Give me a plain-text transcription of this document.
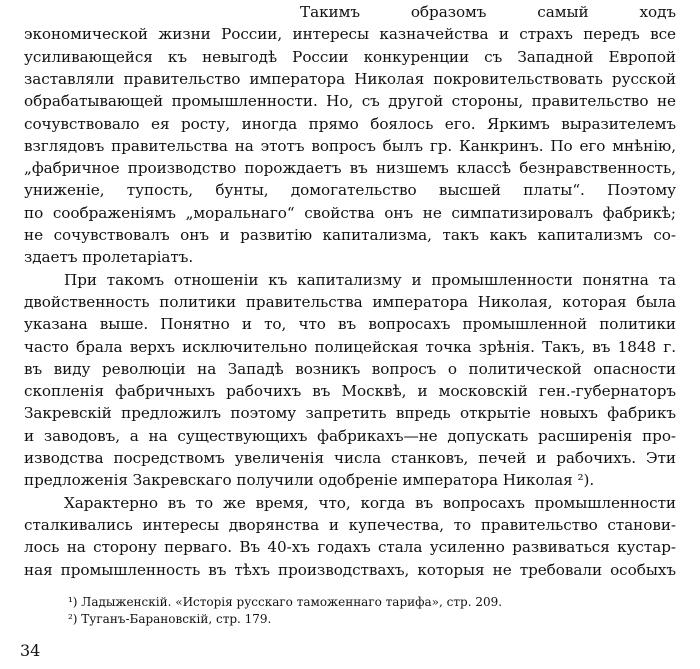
Такимъ образомъ самый ходъ
экономической жизни России, интересы казначейства и страхъ передъ все
усиливающейся къ невыгодѣ России конкуренции съ Западной Европой
заставляли правительство императора Николая покровительствовать русской
обрабатывающей промышленности. Но, съ другой стороны, правительство не
сочувствовало ея росту, иногда прямо боялось его. Яркимъ выразителемъ
взглядовъ правительства на этотъ вопросъ былъ гр. Канкринъ. По его мнѣнію,
„фабричное производство порождаетъ въ низшемъ классѣ безнравственность,
униженіе, тупость, бунты, домогательство высшей платы“. Поэтому
по соображеніямъ „моральнаго“ свойства онъ не симпатизировалъ фабрикѣ;
не сочувствовалъ онъ и развитію капитализма, такъ какъ капитализмъ со-
здаетъ пролетаріатъ.
При такомъ отношеніи къ капитализму и промышленности понятна та
двойственность политики правительства императора Николая, которая была
указана выше. Понятно и то, что въ вопросахъ промышленной политики
часто брала верхъ исключительно полицейская точка зрѣнія. Такъ, въ 1848 г.
въ виду революціи на Западѣ возникъ вопросъ о политической опасности
скопленія фабричныхъ рабочихъ въ Москвѣ, и московскій ген.-губернаторъ
Закревскій предложилъ поэтому запретить впредь открытіе новыхъ фабрикъ
и заводовъ, а на существующихъ фабрикахъ—не допускать расширенія про-
изводства посредствомъ увеличенія числа станковъ, печей и рабочихъ. Эти
предложенія Закревскаго получили одобреніе императора Николая ²).
Характерно въ то же время, что, когда въ вопросахъ промышленности
сталкивались интересы дворянства и купечества, то правительство станови-
лось на сторону перваго. Въ 40-хъ годахъ стала усиленно развиваться кустар-
ная промышленность въ тѣхъ производствахъ, которыя не требовали особыхъ
¹) Ладыженскій. «Исторія русскаго таможеннаго тарифа», стр. 209.
²) Туганъ-Барановскій, стр. 179.
34
